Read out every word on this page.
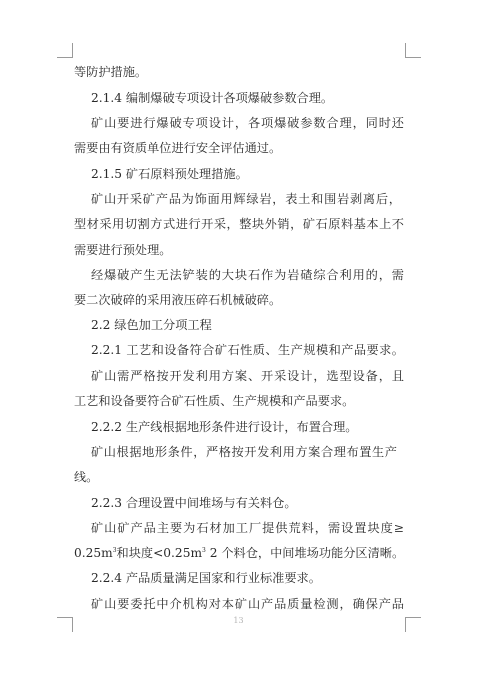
等防护措施。
2.1.4 编制爆破专项设计各项爆破参数合理。
矿山要进行爆破专项设计，各项爆破参数合理，同时还
需要由有资质单位进行安全评估通过。
2.1.5 矿石原料预处理措施。
矿山开采矿产品为饰面用辉绿岩，表土和围岩剥离后，
型材采用切割方式进行开采，整块外销，矿石原料基本上不
需要进行预处理。
经爆破产生无法铲装的大块石作为岩碴综合利用的，需
要二次破碎的采用液压碎石机械破碎。
2.2 绿色加工分项工程
2.2.1 工艺和设备符合矿石性质、生产规模和产品要求。
矿山需严格按开发利用方案、开采设计，选型设备，且
工艺和设备要符合矿石性质、生产规模和产品要求。
2.2.2 生产线根据地形条件进行设计，布置合理。
矿山根据地形条件，严格按开发利用方案合理布置生产
线。
2.2.3 合理设置中间堆场与有关料仓。
矿山矿产品主要为石材加工厂提供荒料，需设置块度≥
$0.25m^3$和块度$<0.25m^3$ 2 个料仓，中间堆场功能分区清晰。
2.2.4 产品质量满足国家和行业标准要求。
矿山要委托中介机构对本矿山产品质量检测，确保产品
13
